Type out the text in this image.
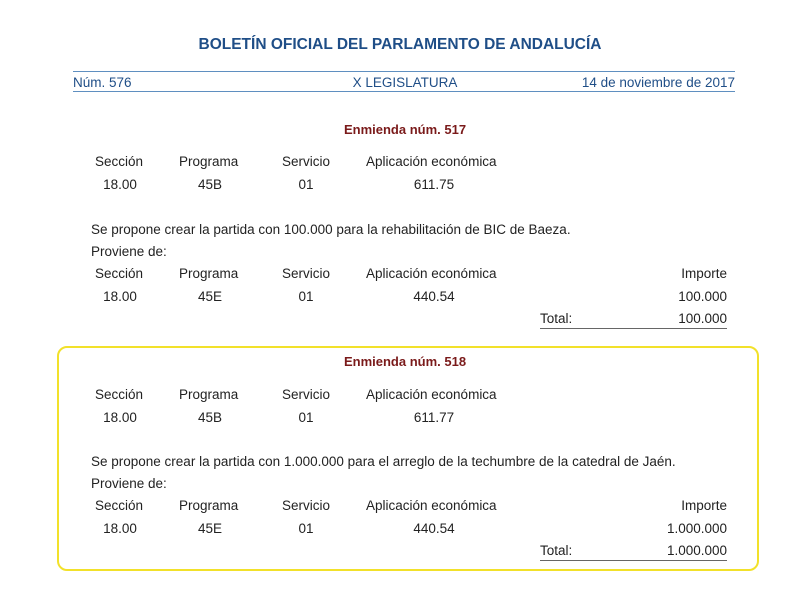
BOLETÍN OFICIAL DEL PARLAMENTO DE ANDALUCÍA
Núm. 576	X LEGISLATURA	14 de noviembre de 2017
Enmienda núm. 517
Sección	Programa	Servicio	Aplicación económica
18.00	45B	01	611.75
Se propone crear la partida con 100.000 para la rehabilitación de BIC de Baeza.
Proviene de:
Sección	Programa	Servicio	Aplicación económica	Importe
18.00	45E	01	440.54	100.000
Total:	100.000
Enmienda núm. 518
Sección	Programa	Servicio	Aplicación económica
18.00	45B	01	611.77
Se propone crear la partida con 1.000.000 para el arreglo de la techumbre de la catedral de Jaén.
Proviene de:
Sección	Programa	Servicio	Aplicación económica	Importe
18.00	45E	01	440.54	1.000.000
Total:	1.000.000
